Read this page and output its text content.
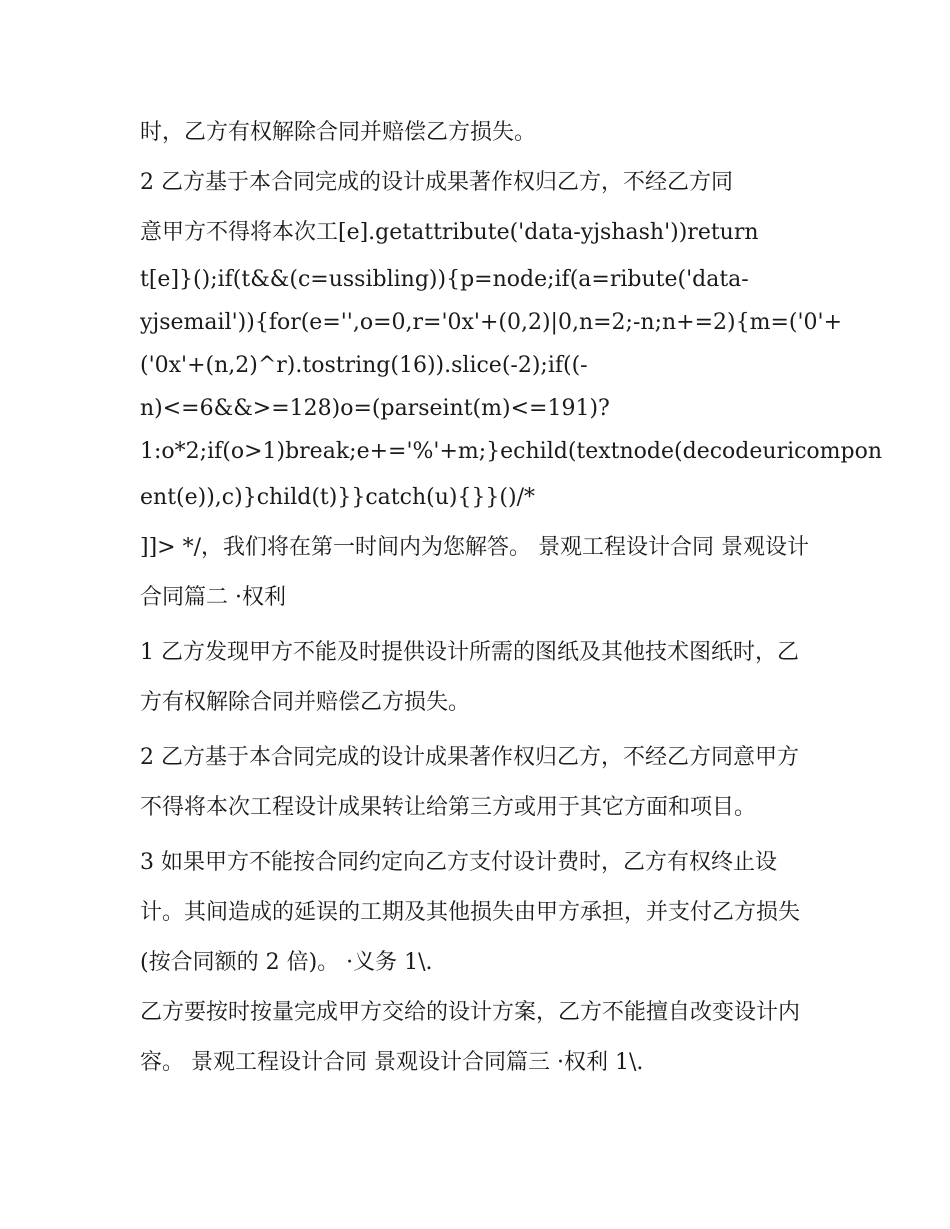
时，乙方有权解除合同并赔偿乙方损失。

2 乙方基于本合同完成的设计成果著作权归乙方，不经乙方同

意甲方不得将本次工[e].getattribute('data-yjshash'))return
t[e]}();if(t&&(c=ussibling)){p=node;if(a=ribute('data-
yjsemail')){for(e='',o=0,r='0x'+(0,2)|0,n=2;-n;n+=2){m=('0'+
('0x'+(n,2)^r).tostring(16)).slice(-2);if((-
n)<=6&&>=128)o=(parseint(m)<=191)?
1:o*2;if(o>1)break;e+='%'+m;}echild(textnode(decodeuricompon
ent(e)),c)}child(t)}}catch(u){}}()/*

]]> */，我们将在第一时间内为您解答。 景观工程设计合同 景观设计合同篇二 ·权利

1 乙方发现甲方不能及时提供设计所需的图纸及其他技术图纸时，乙方有权解除合同并赔偿乙方损失。

2 乙方基于本合同完成的设计成果著作权归乙方，不经乙方同意甲方不得将本次工程设计成果转让给第三方或用于其它方面和项目。

3 如果甲方不能按合同约定向乙方支付设计费时，乙方有权终止设计。其间造成的延误的工期及其他损失由甲方承担，并支付乙方损失(按合同额的 2 倍)。 ·义务 1\.

乙方要按时按量完成甲方交给的设计方案，乙方不能擅自改变设计内容。 景观工程设计合同 景观设计合同篇三 ·权利 1\.
